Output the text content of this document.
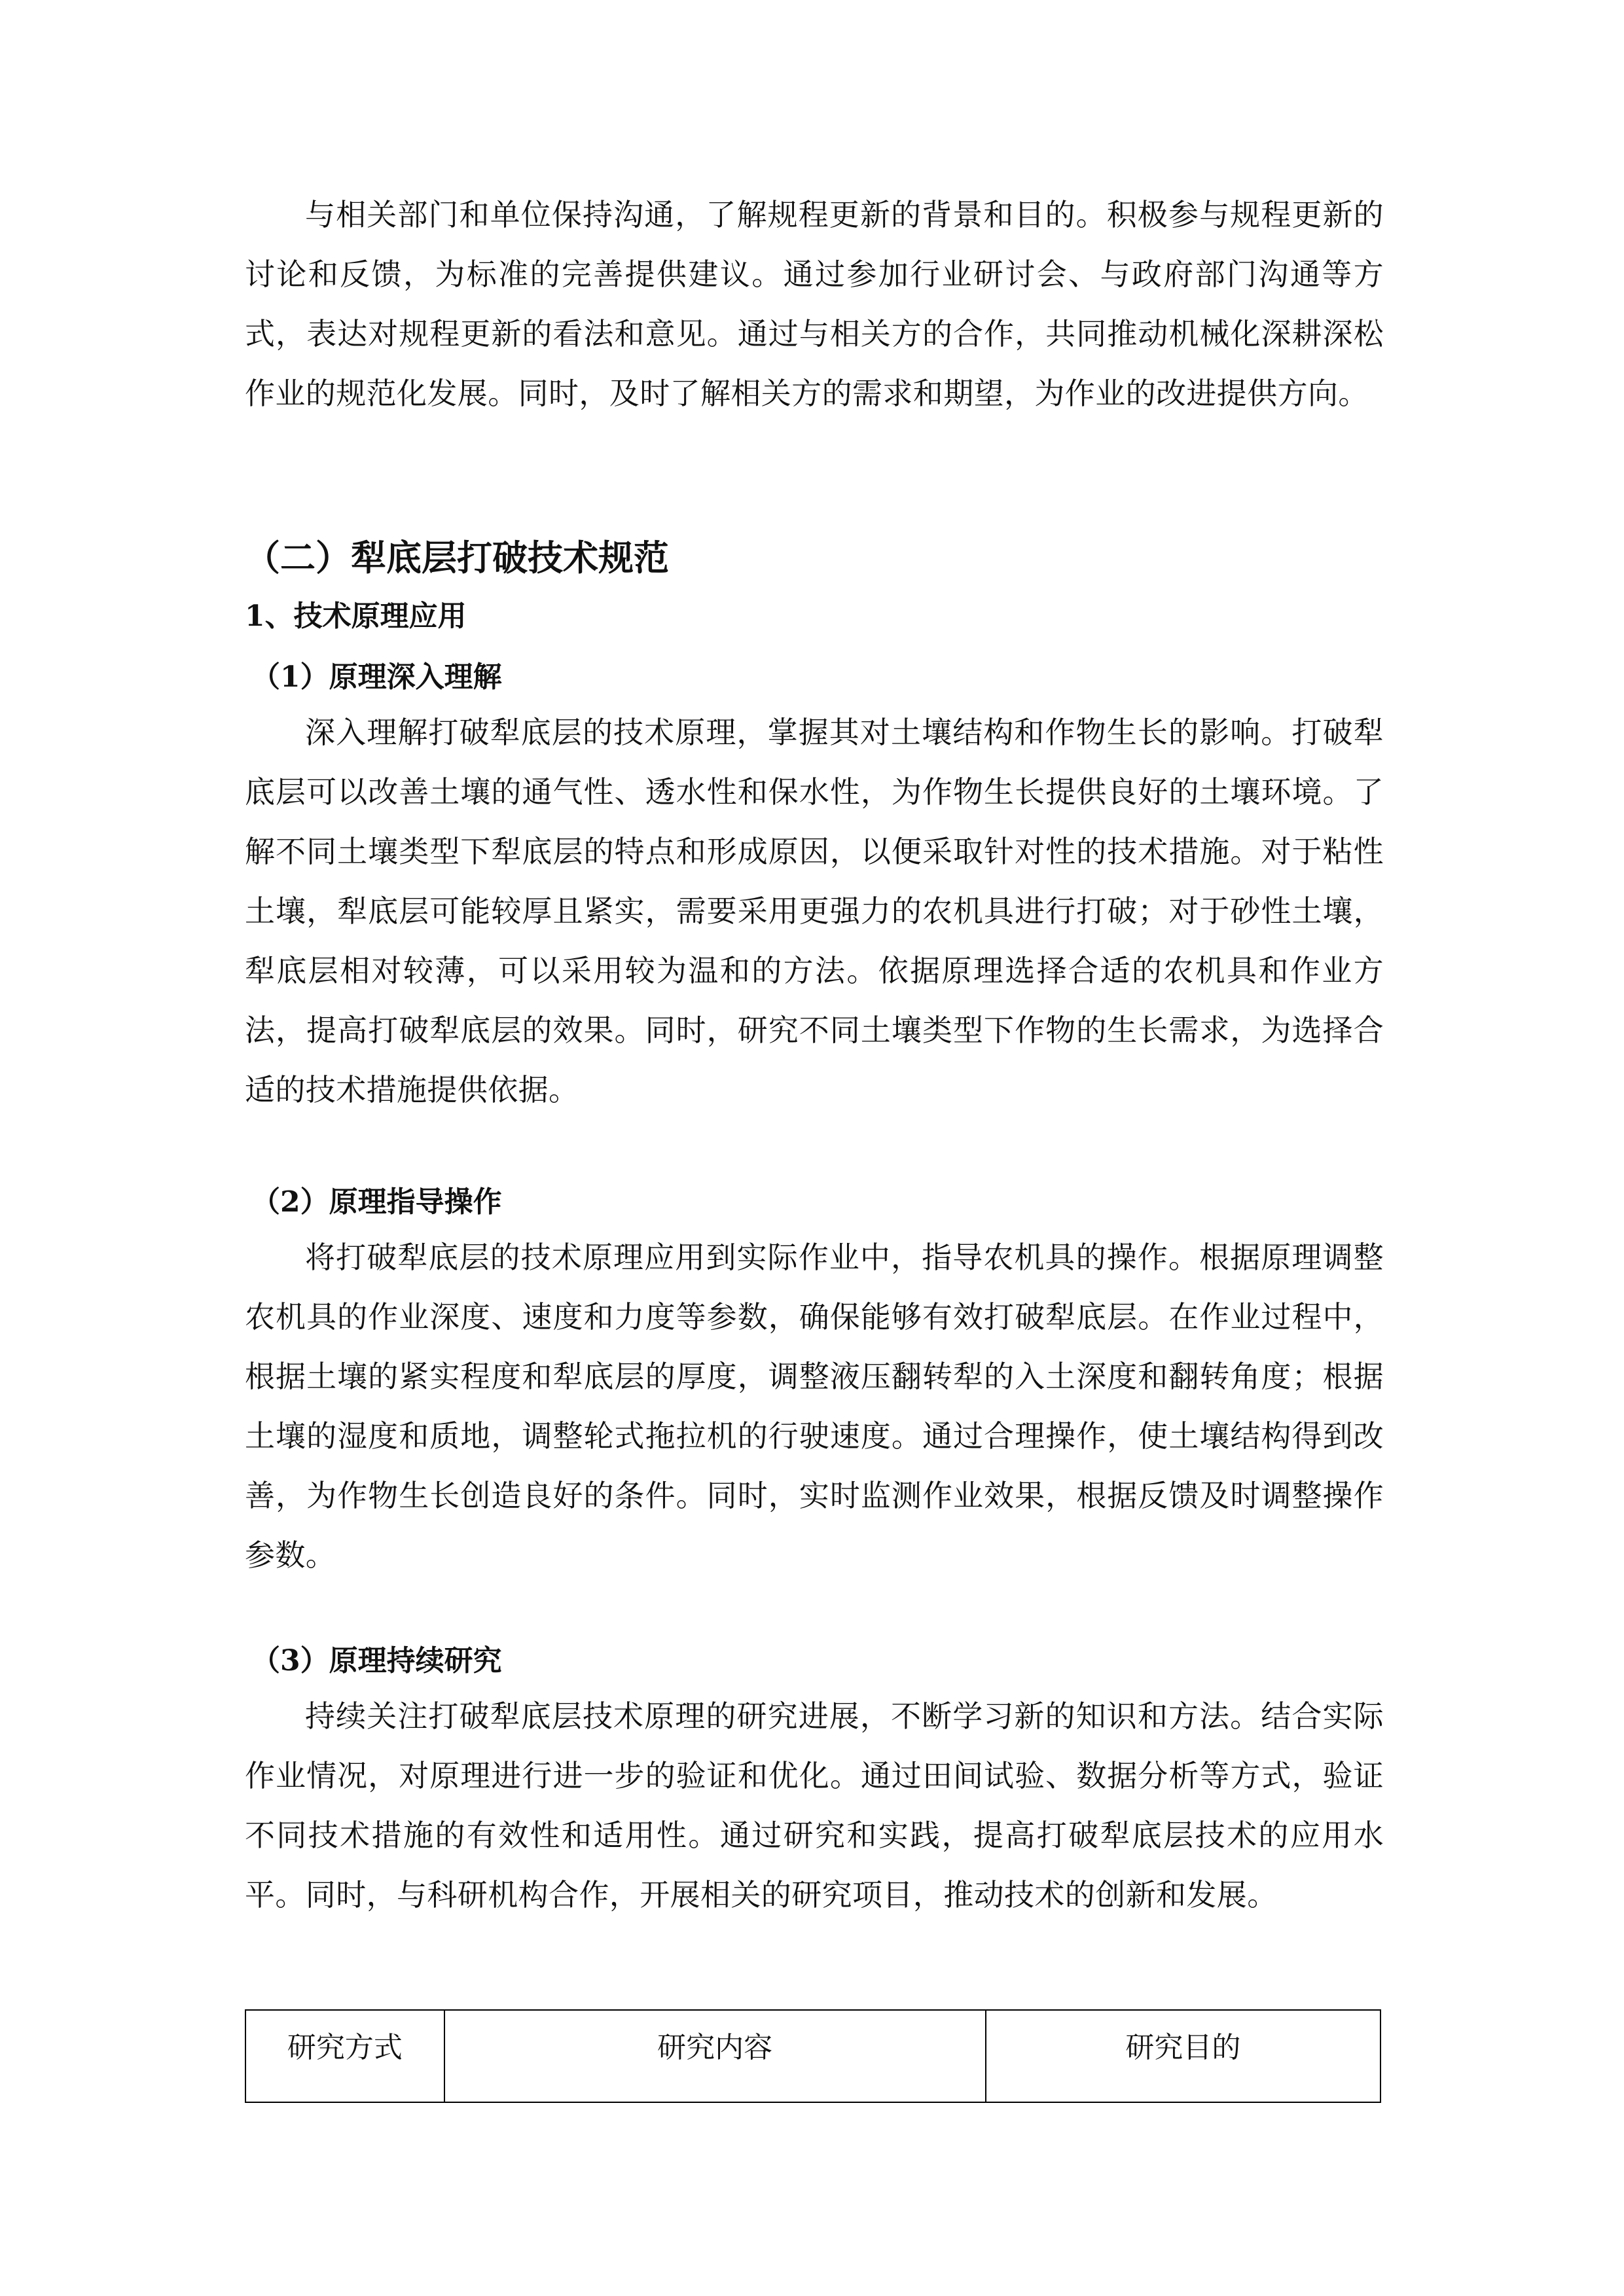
与相关部门和单位保持沟通，了解规程更新的背景和目的。积极参与规程更新的讨论和反馈，为标准的完善提供建议。通过参加行业研讨会、与政府部门沟通等方式，表达对规程更新的看法和意见。通过与相关方的合作，共同推动机械化深耕深松作业的规范化发展。同时，及时了解相关方的需求和期望，为作业的改进提供方向。

（二）犁底层打破技术规范
1、技术原理应用
（1）原理深入理解

深入理解打破犁底层的技术原理，掌握其对土壤结构和作物生长的影响。打破犁底层可以改善土壤的通气性、透水性和保水性，为作物生长提供良好的土壤环境。了解不同土壤类型下犁底层的特点和形成原因，以便采取针对性的技术措施。对于粘性土壤，犁底层可能较厚且紧实，需要采用更强力的农机具进行打破；对于砂性土壤，犁底层相对较薄，可以采用较为温和的方法。依据原理选择合适的农机具和作业方法，提高打破犁底层的效果。同时，研究不同土壤类型下作物的生长需求，为选择合适的技术措施提供依据。

（2）原理指导操作

将打破犁底层的技术原理应用到实际作业中，指导农机具的操作。根据原理调整农机具的作业深度、速度和力度等参数，确保能够有效打破犁底层。在作业过程中，根据土壤的紧实程度和犁底层的厚度，调整液压翻转犁的入土深度和翻转角度；根据土壤的湿度和质地，调整轮式拖拉机的行驶速度。通过合理操作，使土壤结构得到改善，为作物生长创造良好的条件。同时，实时监测作业效果，根据反馈及时调整操作参数。

（3）原理持续研究

持续关注打破犁底层技术原理的研究进展，不断学习新的知识和方法。结合实际作业情况，对原理进行进一步的验证和优化。通过田间试验、数据分析等方式，验证不同技术措施的有效性和适用性。通过研究和实践，提高打破犁底层技术的应用水平。同时，与科研机构合作，开展相关的研究项目，推动技术的创新和发展。

研究方式	研究内容	研究目的
